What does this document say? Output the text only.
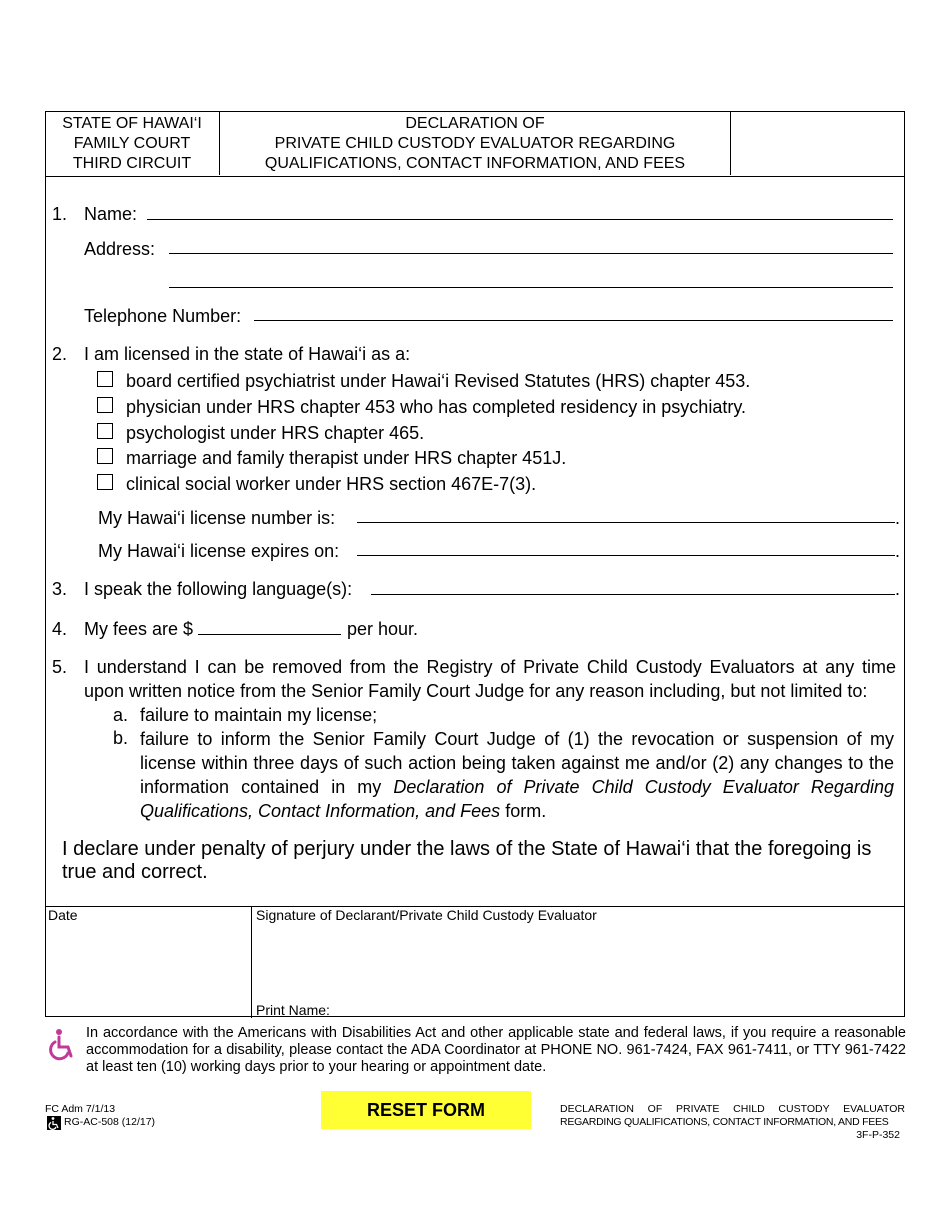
STATE OF HAWAI‘I
FAMILY COURT
THIRD CIRCUIT
DECLARATION OF
PRIVATE CHILD CUSTODY EVALUATOR REGARDING
QUALIFICATIONS, CONTACT INFORMATION, AND FEES
1. Name:
Address:
Telephone Number:
2. I am licensed in the state of Hawai‘i as a:
board certified psychiatrist under Hawai‘i Revised Statutes (HRS) chapter 453.
physician under HRS chapter 453 who has completed residency in psychiatry.
psychologist under HRS chapter 465.
marriage and family therapist under HRS chapter 451J.
clinical social worker under HRS section 467E-7(3).
My Hawai‘i license number is:	.
My Hawai‘i license expires on:	.
3. I speak the following language(s):	.
4. My fees are $	per hour.
5. I understand I can be removed from the Registry of Private Child Custody Evaluators at any time upon written notice from the Senior Family Court Judge for any reason including, but not limited to:
a. failure to maintain my license;
b. failure to inform the Senior Family Court Judge of (1) the revocation or suspension of my license within three days of such action being taken against me and/or (2) any changes to the information contained in my Declaration of Private Child Custody Evaluator Regarding Qualifications, Contact Information, and Fees form.
I declare under penalty of perjury under the laws of the State of Hawai‘i that the foregoing is true and correct.
Date	Signature of Declarant/Private Child Custody Evaluator
Print Name:
In accordance with the Americans with Disabilities Act and other applicable state and federal laws, if you require a reasonable accommodation for a disability, please contact the ADA Coordinator at PHONE NO. 961-7424, FAX 961-7411, or TTY 961-7422 at least ten (10) working days prior to your hearing or appointment date.
FC Adm 7/1/13
RG-AC-508 (12/17)
RESET FORM	DECLARATION OF PRIVATE CHILD CUSTODY EVALUATOR
REGARDING QUALIFICATIONS, CONTACT INFORMATION, AND FEES
3F-P-352
